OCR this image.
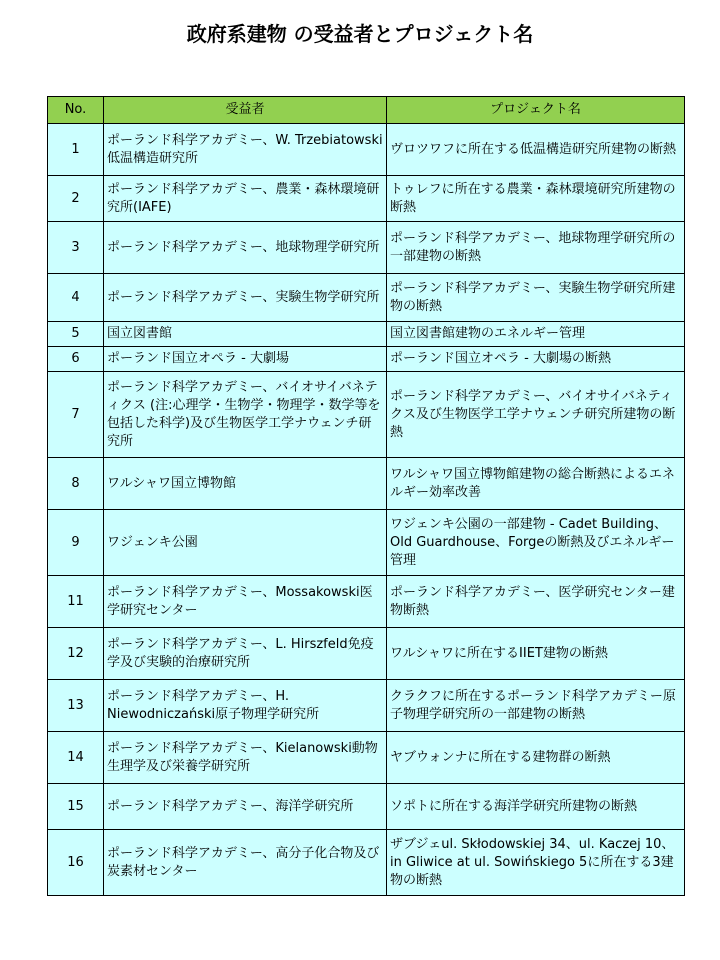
政府系建物 の受益者とプロジェクト名
No.	受益者	プロジェクト名
1	ポーランド科学アカデミー、W. Trzebiatowski低温構造研究所	ヴロツワフに所在する低温構造研究所建物の断熱
2	ポーランド科学アカデミー、農業・森林環境研究所(IAFE)	トゥレフに所在する農業・森林環境研究所建物の断熱
3	ポーランド科学アカデミー、地球物理学研究所	ポーランド科学アカデミー、地球物理学研究所の一部建物の断熱
4	ポーランド科学アカデミー、実験生物学研究所	ポーランド科学アカデミー、実験生物学研究所建物の断熱
5	国立図書館	国立図書館建物のエネルギー管理
6	ポーランド国立オペラ - 大劇場	ポーランド国立オペラ - 大劇場の断熱
7	ポーランド科学アカデミー、バイオサイバネティクス (注:心理学・生物学・物理学・数学等を包括した科学)及び生物医学工学ナウェンチ研究所	ポーランド科学アカデミー、バイオサイバネティクス及び生物医学工学ナウェンチ研究所建物の断熱
8	ワルシャワ国立博物館	ワルシャワ国立博物館建物の総合断熱によるエネルギー効率改善
9	ワジェンキ公園	ワジェンキ公園の一部建物 - Cadet Building、Old Guardhouse、Forgeの断熱及びエネルギー管理
11	ポーランド科学アカデミー、Mossakowski医学研究センター	ポーランド科学アカデミー、医学研究センター建物断熱
12	ポーランド科学アカデミー、L. Hirszfeld免疫学及び実験的治療研究所	ワルシャワに所在するIIET建物の断熱
13	ポーランド科学アカデミー、H. Niewodniczański原子物理学研究所	クラクフに所在するポーランド科学アカデミー原子物理学研究所の一部建物の断熱
14	ポーランド科学アカデミー、Kielanowski動物生理学及び栄養学研究所	ヤブウォンナに所在する建物群の断熱
15	ポーランド科学アカデミー、海洋学研究所	ソポトに所在する海洋学研究所建物の断熱
16	ポーランド科学アカデミー、高分子化合物及び炭素材センター	ザブジェul. Skłodowskiej 34、ul. Kaczej 10、in Gliwice at ul. Sowińskiego 5に所在する3建物の断熱
